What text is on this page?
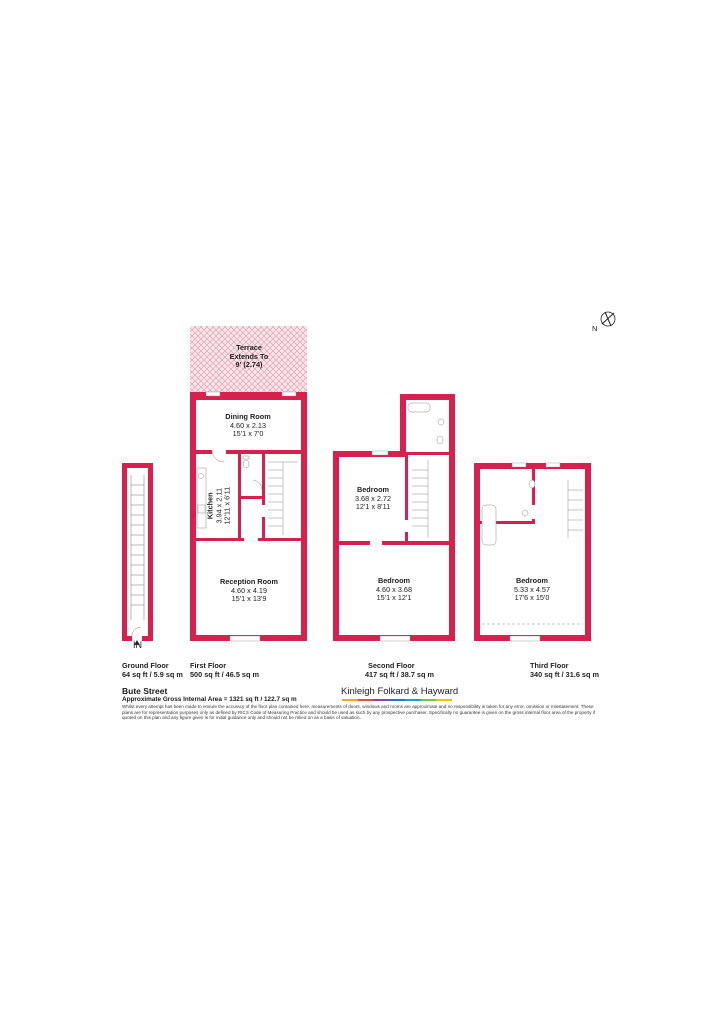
Terrace
Extends To
9' (2.74)
Dining Room
4.60 x 2.13
15'1 x 7'0
Kitchen 3.94 x 2.11 12'11 x 6'11
Reception Room
4.60 x 4.19
15'1 x 13'9
Bedroom
3.68 x 2.72
12'1 x 8'11
Bedroom
4.60 x 3.68
15'1 x 12'1
Bedroom
5.33 x 4.57
17'6 x 15'0
IN
N
Ground Floor
64 sq ft / 5.9 sq m
First Floor
500 sq ft / 46.5 sq m
Second Floor
417 sq ft / 38.7 sq m
Third Floor
340 sq ft / 31.6 sq m
Bute Street
Approximate Gross Internal Area = 1321 sq ft / 122.7 sq m
Whilst every attempt has been made to ensure the accuracy of the floor plan contained here, measurements of doors, windows and rooms are approximate and no responsibility is taken for any error, omission or misstatement. These plans are for representation purposes only as defined by RICS Code of Measuring Practice and should be used as such by any prospective purchaser. Specifically no guarantee is given on the gross internal floor area of the property if quoted on this plan and any figure given is for initial guidance only and should not be relied on as a basis of valuation.
Kinleigh Folkard & Hayward
